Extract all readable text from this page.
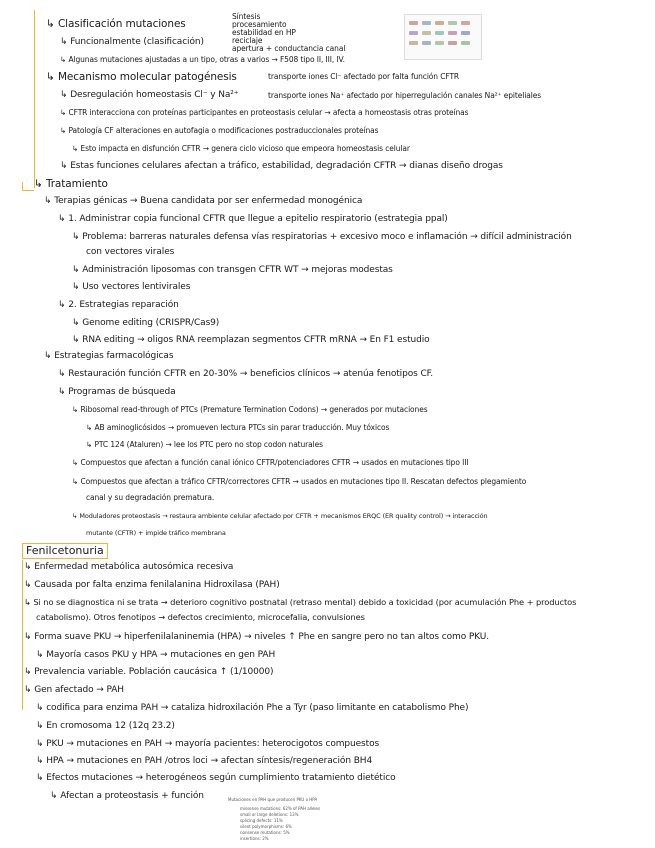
↳ Clasificación mutaciones
Síntesis
procesamiento
estabilidad en HP
reciclaje
apertura + conductancia canal
↳ Funcionalmente (clasificación)
↳ Algunas mutaciones ajustadas a un tipo, otras a varios → F508 tipo II, III, IV.
↳ Mecanismo molecular patogénesis	transporte iones Cl⁻ afectado por falta función CFTR
↳ Desregulación homeostasis Cl⁻ y Na²⁺	transporte iones Na⁺ afectado por hiperregulación canales Na²⁺ epiteliales
↳ CFTR interacciona con proteínas participantes en proteostasis celular → afecta a homeostasis otras proteínas
↳ Patología CF alteraciones en autofagia o modificaciones postraduccionales proteínas
↳ Esto impacta en disfunción CFTR → genera ciclo vicioso que empeora homeostasis celular
↳ Estas funciones celulares afectan a tráfico, estabilidad, degradación CFTR → dianas diseño drogas
↳ Tratamiento
↳ Terapias génicas → Buena candidata por ser enfermedad monogénica
↳ 1. Administrar copia funcional CFTR que llegue a epitelio respiratorio (estrategia ppal)
↳ Problema: barreras naturales defensa vías respiratorias + excesivo moco e inflamación → difícil administración
con vectores virales
↳ Administración liposomas con transgen CFTR WT → mejoras modestas
↳ Uso vectores lentivirales
↳ 2. Estrategias reparación
↳ Genome editing (CRISPR/Cas9)
↳ RNA editing → oligos RNA reemplazan segmentos CFTR mRNA → En F1 estudio
↳ Estrategias farmacológicas
↳ Restauración función CFTR en 20-30% → beneficios clínicos → atenúa fenotipos CF.
↳ Programas de búsqueda
↳ Ribosomal read-through of PTCs (Premature Termination Codons) → generados por mutaciones
↳ AB aminoglicósidos → promueven lectura PTCs sin parar traducción. Muy tóxicos
↳ PTC 124 (Ataluren) → lee los PTC pero no stop codon naturales
↳ Compuestos que afectan a función canal iónico CFTR/potenciadores CFTR → usados en mutaciones tipo III
↳ Compuestos que afectan a tráfico CFTR/correctores CFTR → usados en mutaciones tipo II. Rescatan defectos plegamiento
canal y su degradación prematura.
↳ Moduladores proteostasis → restaura ambiente celular afectado por CFTR + mecanismos ERQC (ER quality control) → interacción
mutante (CFTR) + impide tráfico membrana
Fenilcetonuria
↳ Enfermedad metabólica autosómica recesiva
↳ Causada por falta enzima fenilalanina Hidroxilasa (PAH)
↳ Si no se diagnostica ni se trata → deterioro cognitivo postnatal (retraso mental) debido a toxicidad (por acumulación Phe + productos
catabolismo). Otros fenotipos → defectos crecimiento, microcefalia, convulsiones
↳ Forma suave PKU → hiperfenilalaninemia (HPA) → niveles ↑ Phe en sangre pero no tan altos como PKU.
↳ Mayoría casos PKU y HPA → mutaciones en gen PAH
↳ Prevalencia variable. Población caucásica ↑ (1/10000)
↳ Gen afectado → PAH
↳ codifica para enzima PAH → cataliza hidroxilación Phe a Tyr (paso limitante en catabolismo Phe)
↳ En cromosoma 12 (12q 23.2)
↳ PKU → mutaciones en PAH → mayoría pacientes: heterocigotos compuestos
↳ HPA → mutaciones en PAH /otros loci → afectan síntesis/regeneración BH4
↳ Efectos mutaciones → heterogéneos según cumplimiento tratamiento dietético
↳ Afectan a proteostasis + función	Mutaciones en PAH que producen PKU o HPA
missense mutations: 62% of PAH alleles
small or large deletions: 13%
splicing defects: 11%
silent polymorphisms: 6%
nonsense mutations: 5%
insertions: 2%
